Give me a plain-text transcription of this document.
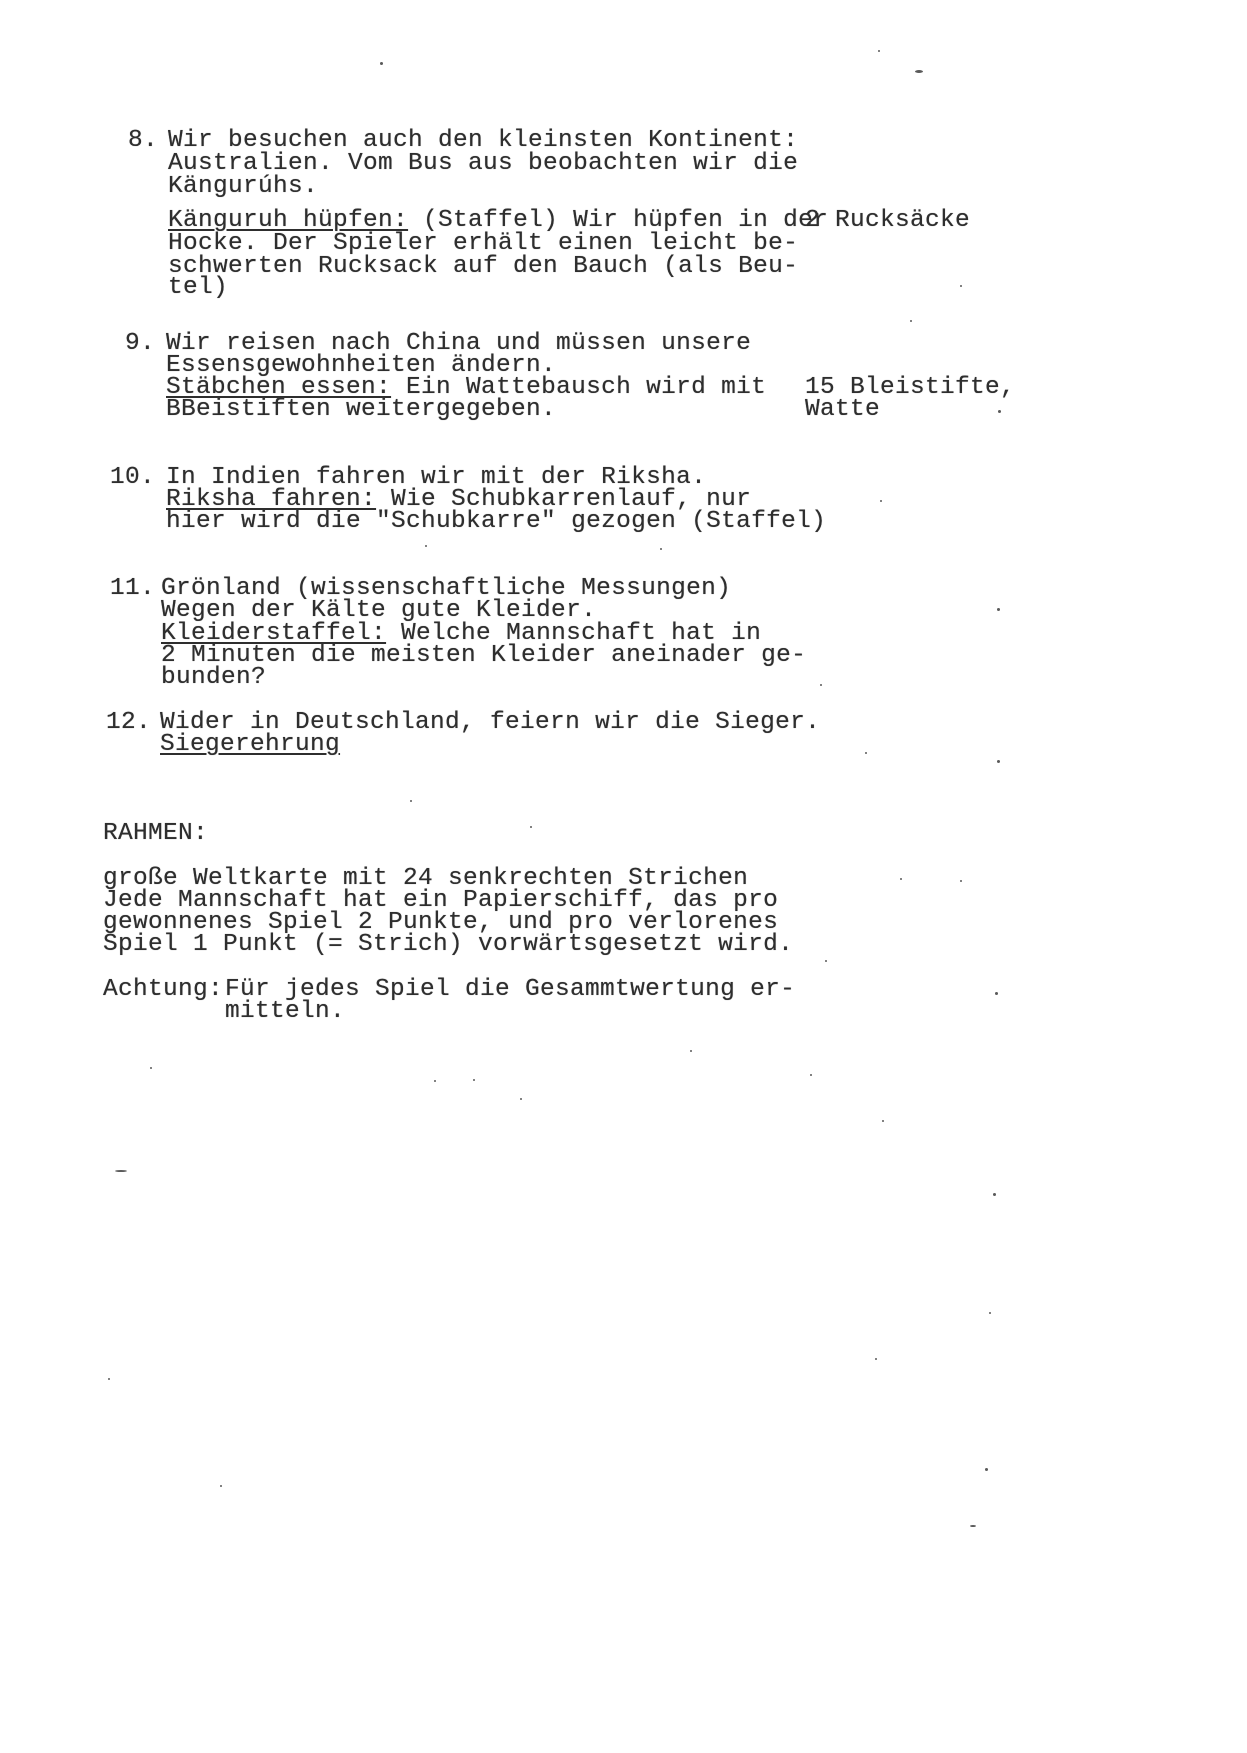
8. Wir besuchen auch den kleinsten Kontinent:
Australien. Vom Bus aus beobachten wir die
Kängurúhs.
Känguruh hüpfen: (Staffel) Wir hüpfen in der
Hocke. Der Spieler erhält einen leicht be-
schwerten Rucksack auf den Bauch (als Beu-
tel)
2 Rucksäcke
9. Wir reisen nach China und müssen unsere
Essensgewohnheiten ändern.
Stäbchen essen: Ein Wattebausch wird mit
BBeistiften weitergegeben.
15 Bleistifte,
Watte
10. In Indien fahren wir mit der Riksha.
Riksha fahren: Wie Schubkarrenlauf, nur
hier wird die "Schubkarre" gezogen (Staffel)
11. Grönland (wissenschaftliche Messungen)
Wegen der Kälte gute Kleider.
Kleiderstaffel: Welche Mannschaft hat in
2 Minuten die meisten Kleider aneinader ge-
bunden?
12. Wider in Deutschland, feiern wir die Sieger.
Siegerehrung
RAHMEN:
große Weltkarte mit 24 senkrechten Strichen
Jede Mannschaft hat ein Papierschiff, das pro
gewonnenes Spiel 2 Punkte, und pro verlorenes
Spiel 1 Punkt (= Strich) vorwärtsgesetzt wird.
Achtung: Für jedes Spiel die Gesammtwertung er-
mitteln.
